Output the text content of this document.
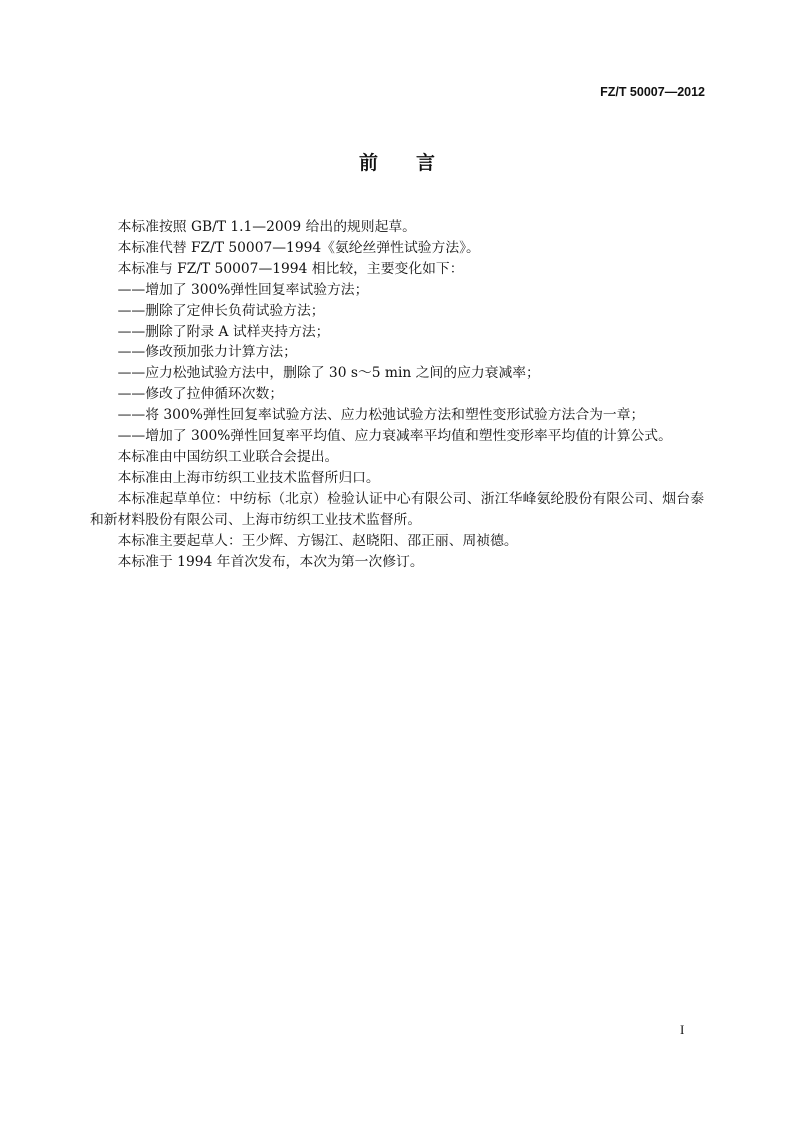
FZ/T 50007—2012
前　　言

本标准按照 GB/T 1.1—2009 给出的规则起草。

本标准代替 FZ/T 50007—1994《氨纶丝弹性试验方法》。

本标准与 FZ/T 50007—1994 相比较，主要变化如下：

——增加了 300%弹性回复率试验方法；

——删除了定伸长负荷试验方法；

——删除了附录 A 试样夹持方法；

——修改预加张力计算方法；

——应力松弛试验方法中，删除了 30 s～5 min 之间的应力衰减率；

——修改了拉伸循环次数；

——将 300%弹性回复率试验方法、应力松弛试验方法和塑性变形试验方法合为一章；

——增加了 300%弹性回复率平均值、应力衰减率平均值和塑性变形率平均值的计算公式。

本标准由中国纺织工业联合会提出。

本标准由上海市纺织工业技术监督所归口。

本标准起草单位：中纺标（北京）检验认证中心有限公司、浙江华峰氨纶股份有限公司、烟台泰和新材料股份有限公司、上海市纺织工业技术监督所。

本标准主要起草人：王少辉、方锡江、赵晓阳、邵正丽、周祯德。

本标准于 1994 年首次发布，本次为第一次修订。

I
